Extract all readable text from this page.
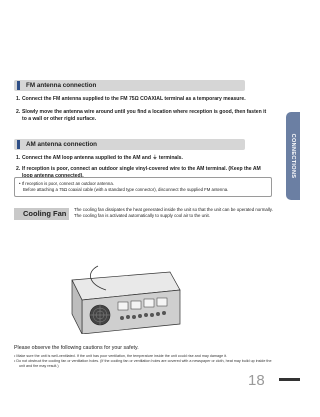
FM antenna connection
1. Connect the FM antenna supplied to the FM 75Ω COAXIAL terminal as a temporary measure.
2. Slowly move the antenna wire around until you find a location where reception is good, then fasten it to a wall or other rigid surface.
AM antenna connection
1. Connect the AM loop antenna supplied to the AM and ⏚ terminals.
2. If reception is poor, connect an outdoor single vinyl-covered wire to the AM terminal. (Keep the AM loop antenna connected).	CONNECTIONS
• If reception is poor, connect an outdoor antenna.
Before attaching a 75Ω coaxial cable (with a standard type connector), disconnect the supplied FM antenna.
Cooling Fan	The cooling fan dissipates the heat generated inside the unit so that the unit can be operated normally. The cooling fan is activated automatically to supply cool air to the unit.
Please observe the following cautions for your safety.
• Make sure the unit is well-ventilated. If the unit has poor ventilation, the temperature inside the unit could rise and may damage it.
• Do not obstruct the cooling fan or ventilation holes. (If the cooling fan or ventilation holes are covered with a newspaper or cloth, heat may build up inside the unit and fire may result.)
18
